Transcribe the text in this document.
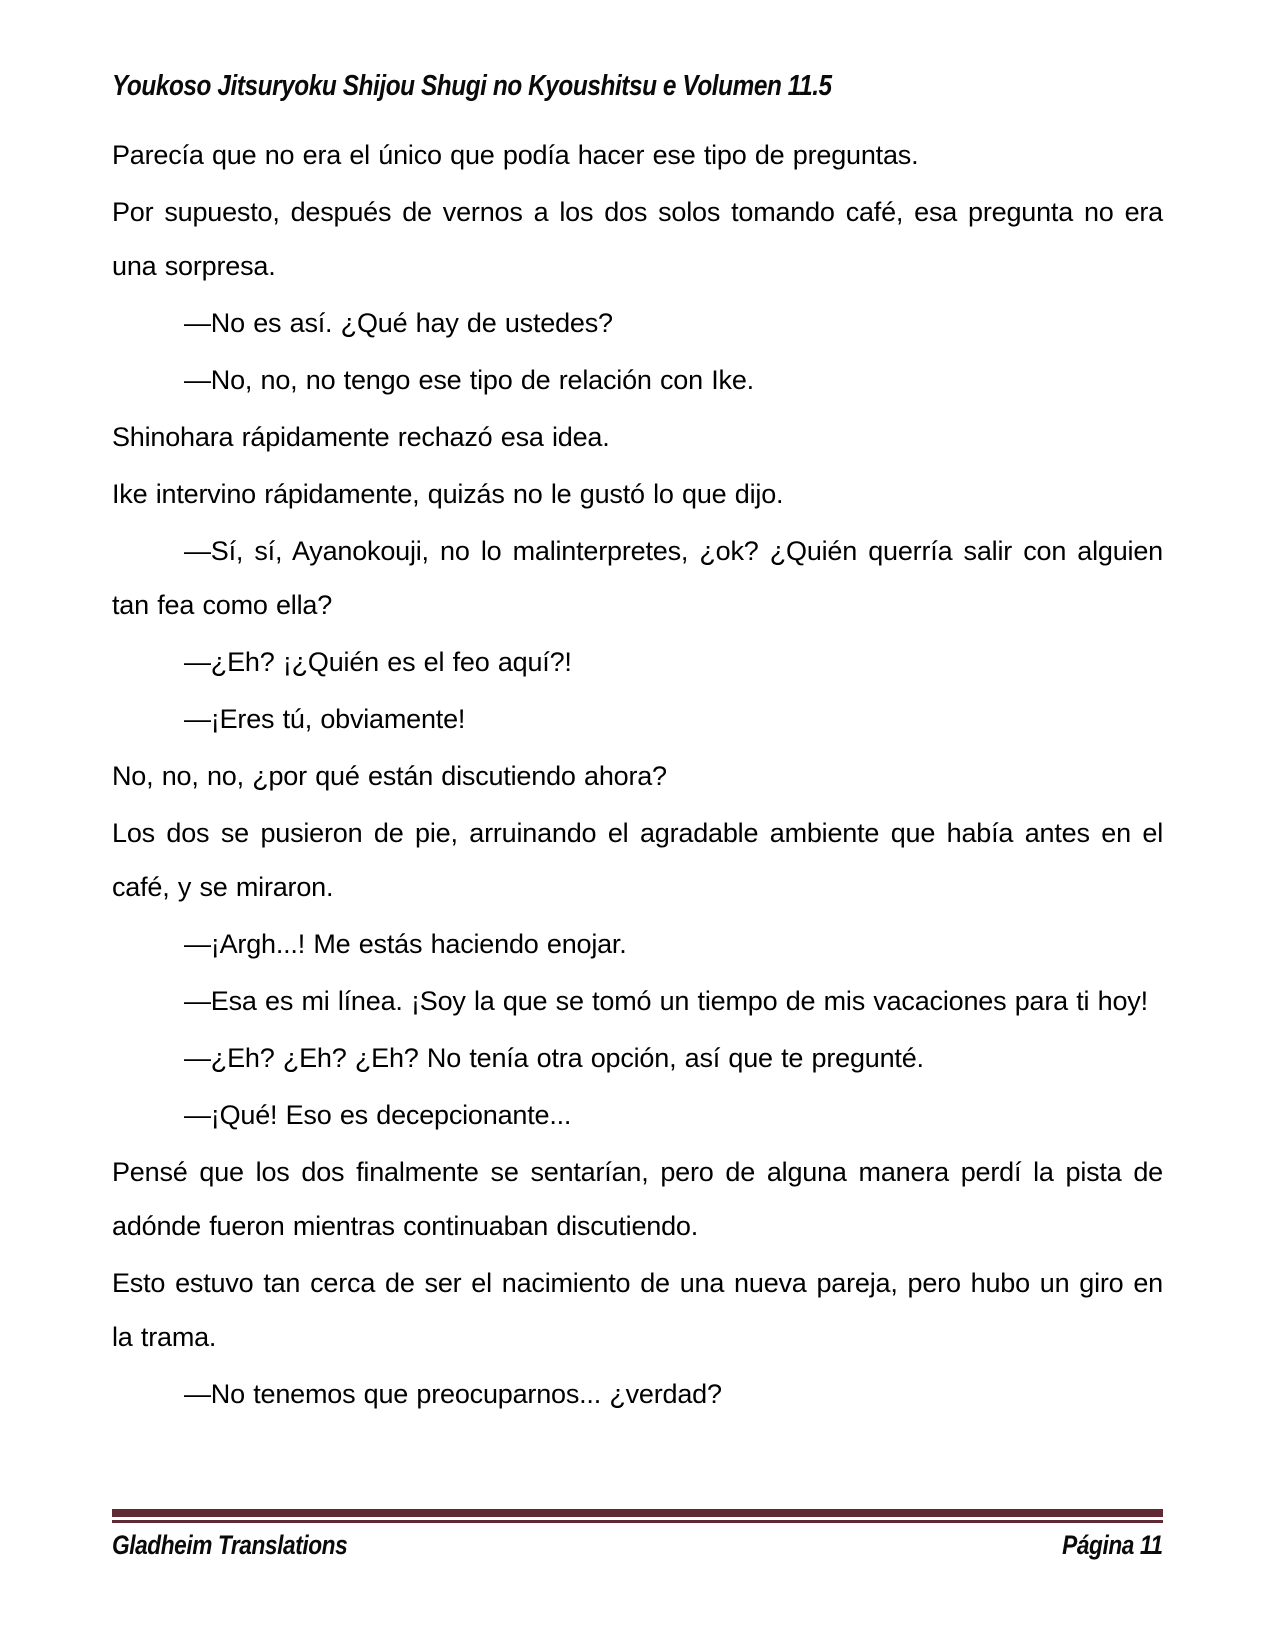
Youkoso Jitsuryoku Shijou Shugi no Kyoushitsu e Volumen 11.5

Parecía que no era el único que podía hacer ese tipo de preguntas.

Por supuesto, después de vernos a los dos solos tomando café, esa pregunta no era una sorpresa.

—No es así. ¿Qué hay de ustedes?

—No, no, no tengo ese tipo de relación con Ike.

Shinohara rápidamente rechazó esa idea.

Ike intervino rápidamente, quizás no le gustó lo que dijo.

—Sí, sí, Ayanokouji, no lo malinterpretes, ¿ok? ¿Quién querría salir con alguien tan fea como ella?

—¿Eh? ¡¿Quién es el feo aquí?!

—¡Eres tú, obviamente!

No, no, no, ¿por qué están discutiendo ahora?

Los dos se pusieron de pie, arruinando el agradable ambiente que había antes en el café, y se miraron.

—¡Argh...! Me estás haciendo enojar.

—Esa es mi línea. ¡Soy la que se tomó un tiempo de mis vacaciones para ti hoy!

—¿Eh? ¿Eh? ¿Eh? No tenía otra opción, así que te pregunté.

—¡Qué! Eso es decepcionante...

Pensé que los dos finalmente se sentarían, pero de alguna manera perdí la pista de adónde fueron mientras continuaban discutiendo.

Esto estuvo tan cerca de ser el nacimiento de una nueva pareja, pero hubo un giro en la trama.

—No tenemos que preocuparnos... ¿verdad?

Gladheim Translations	Página 11
